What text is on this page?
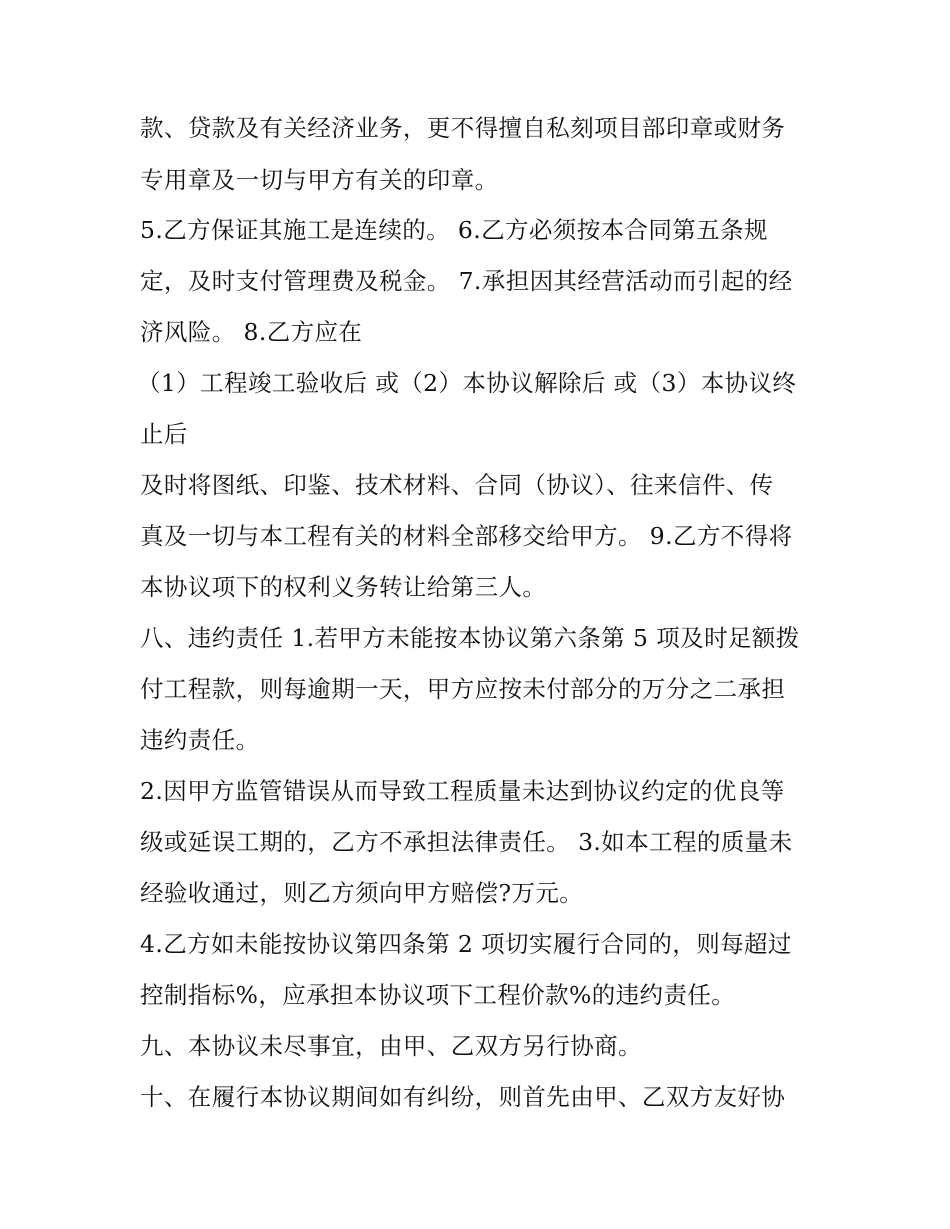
款、贷款及有关经济业务，更不得擅自私刻项目部印章或财务

专用章及一切与甲方有关的印章。

5.乙方保证其施工是连续的。 6.乙方必须按本合同第五条规

定，及时支付管理费及税金。 7.承担因其经营活动而引起的经

济风险。 8.乙方应在

（1）工程竣工验收后 或（2）本协议解除后 或（3）本协议终

止后

及时将图纸、印鉴、技术材料、合同（协议）、往来信件、传

真及一切与本工程有关的材料全部移交给甲方。 9.乙方不得将

本协议项下的权利义务转让给第三人。

八、违约责任 1.若甲方未能按本协议第六条第 5 项及时足额拨

付工程款，则每逾期一天，甲方应按未付部分的万分之二承担

违约责任。

2.因甲方监管错误从而导致工程质量未达到协议约定的优良等

级或延误工期的，乙方不承担法律责任。 3.如本工程的质量未

经验收通过，则乙方须向甲方赔偿?万元。

4.乙方如未能按协议第四条第 2 项切实履行合同的，则每超过

控制指标%，应承担本协议项下工程价款%的违约责任。

九、本协议未尽事宜，由甲、乙双方另行协商。

十、在履行本协议期间如有纠纷，则首先由甲、乙双方友好协
